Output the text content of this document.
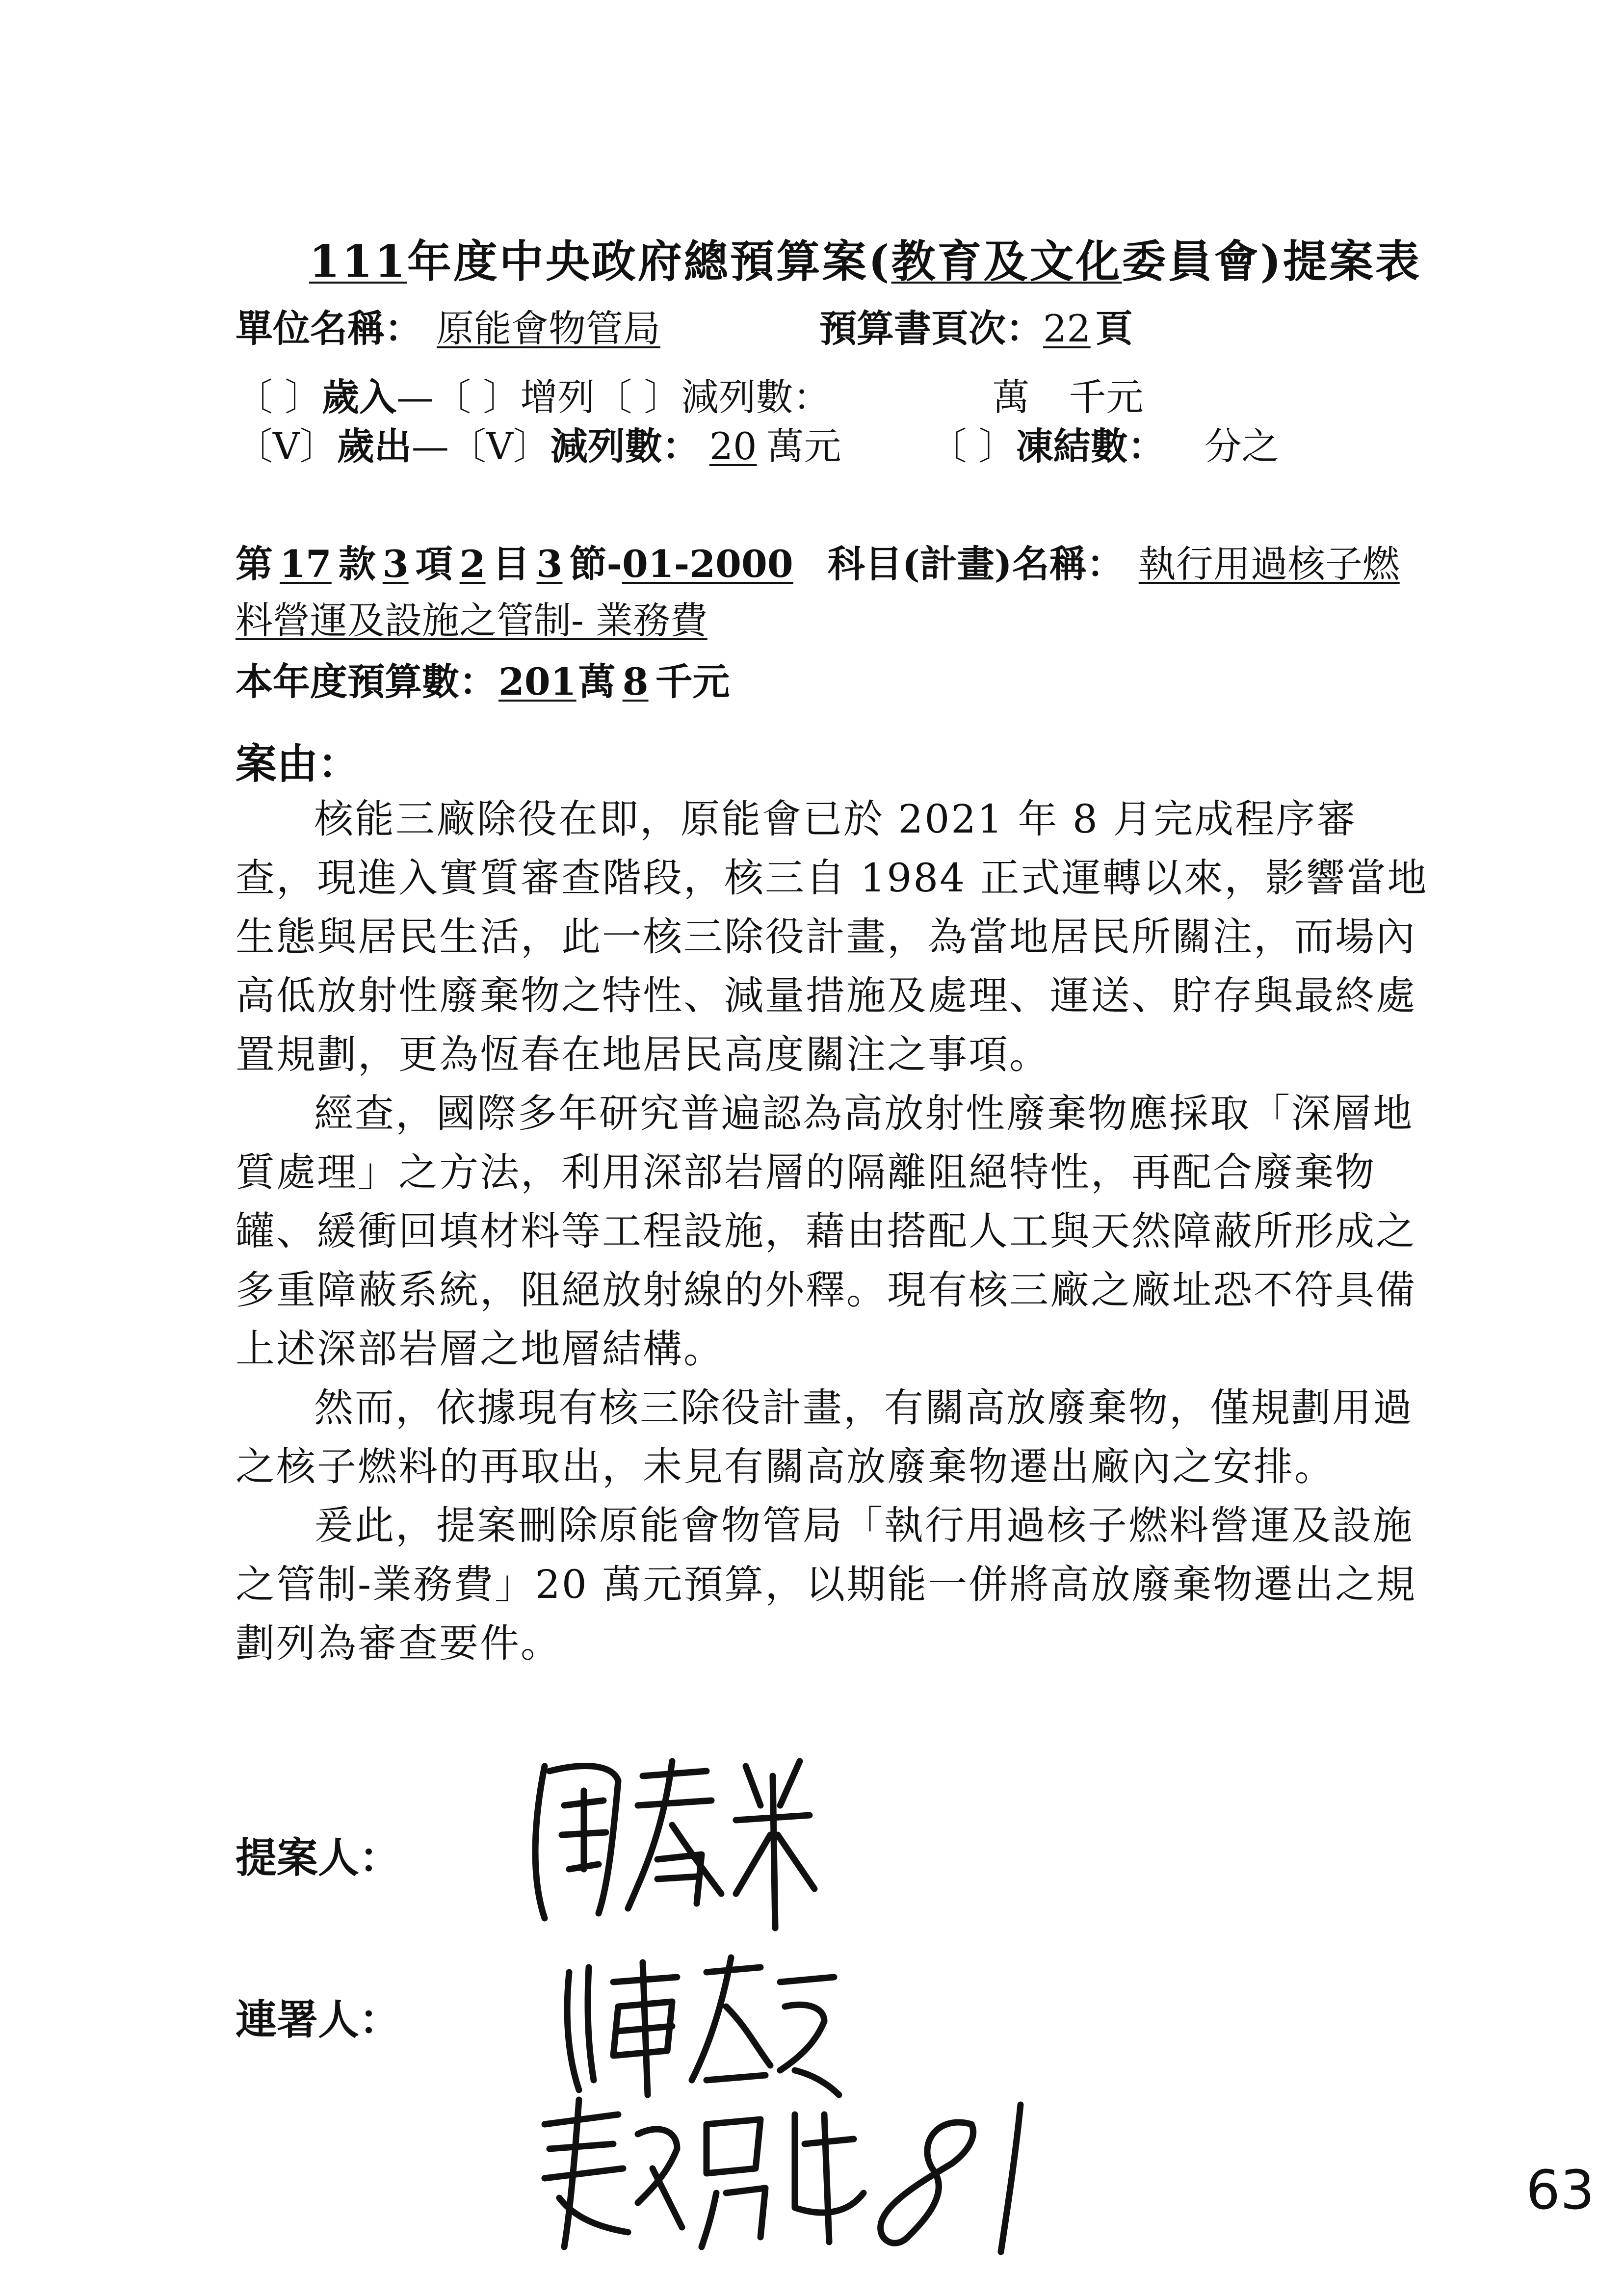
111年度中央政府總預算案(教育及文化委員會)提案表
單位名稱： 原能會物管局	預算書頁次：22 頁
〔 〕歲入—〔 〕增列〔 〕減列數：	萬 千元
〔V〕歲出—〔V〕減列數： 20 萬元 〔 〕凍結數： 分之
第 17 款 3 項 2 目 3 節-01-2000 科目(計畫)名稱： 執行用過核子燃
料營運及設施之管制- 業務費
本年度預算數：201萬 8 千元
案由：
核能三廠除役在即，原能會已於 2021 年 8 月完成程序審查，現進入實質審查階段，核三自 1984 正式運轉以來，影響當地生態與居民生活，此一核三除役計畫，為當地居民所關注，而場內高低放射性廢棄物之特性、減量措施及處理、運送、貯存與最終處置規劃，更為恆春在地居民高度關注之事項。
經查，國際多年研究普遍認為高放射性廢棄物應採取「深層地質處理」之方法，利用深部岩層的隔離阻絕特性，再配合廢棄物罐、緩衝回填材料等工程設施，藉由搭配人工與天然障蔽所形成之多重障蔽系統，阻絕放射線的外釋。現有核三廠之廠址恐不符具備上述深部岩層之地層結構。
然而，依據現有核三除役計畫，有關高放廢棄物，僅規劃用過之核子燃料的再取出，未見有關高放廢棄物遷出廠內之安排。
爰此，提案刪除原能會物管局「執行用過核子燃料營運及設施之管制-業務費」20 萬元預算，以期能一併將高放廢棄物遷出之規劃列為審查要件。
提案人：
連署人：
63
